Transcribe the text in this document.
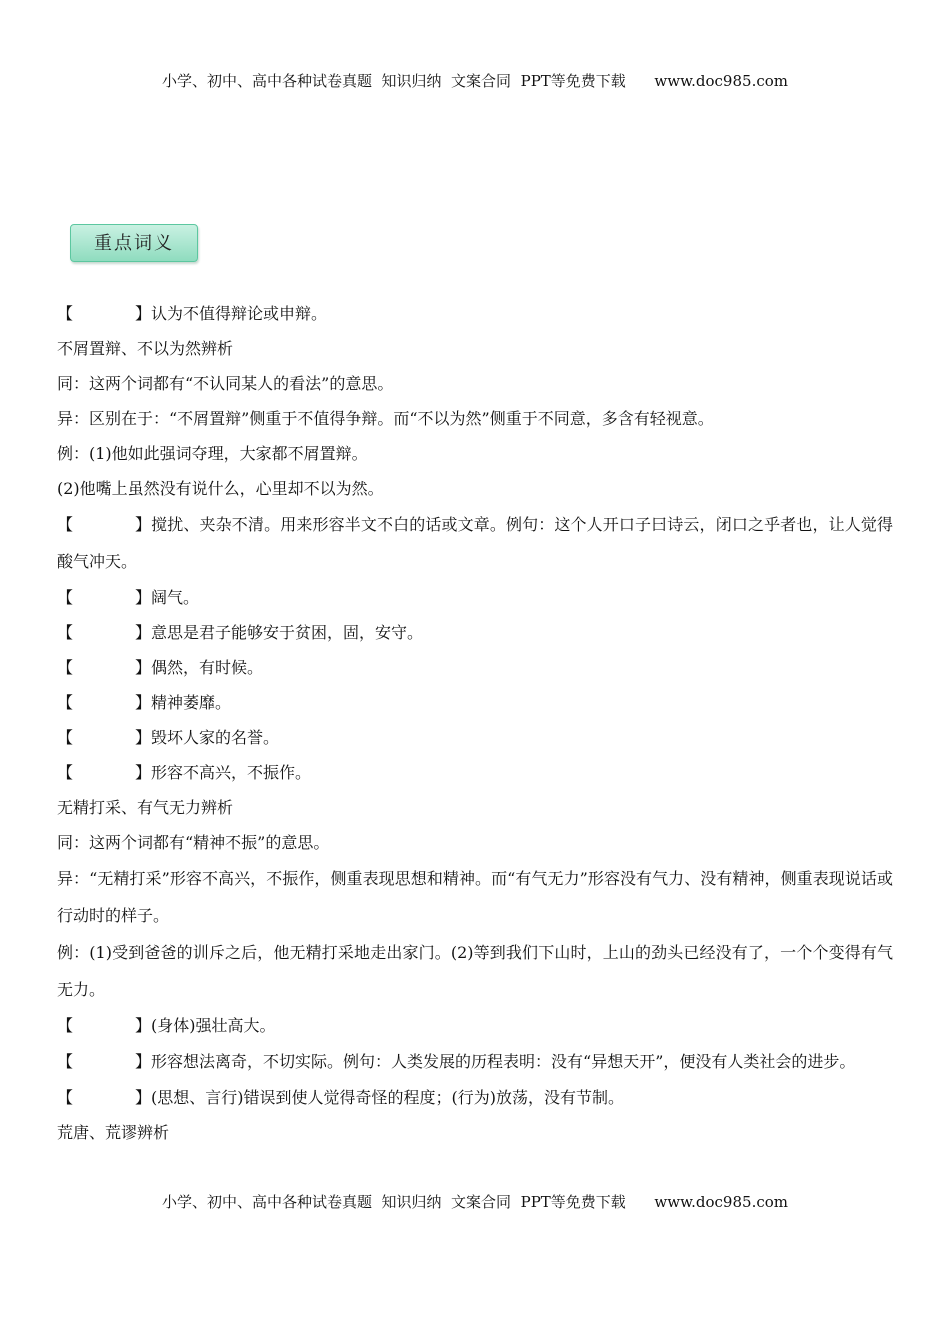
小学、初中、高中各种试卷真题  知识归纳  文案合同  PPT等免费下载      www.doc985.com
重点词义
【	】认为不值得辩论或申辩。
不屑置辩、不以为然辨析
同：这两个词都有“不认同某人的看法”的意思。
异：区别在于：“不屑置辩”侧重于不值得争辩。而“不以为然”侧重于不同意，多含有轻视意。
例：(1)他如此强词夺理，大家都不屑置辩。
(2)他嘴上虽然没有说什么，心里却不以为然。
【	】搅扰、夹杂不清。用来形容半文不白的话或文章。例句：这个人开口子曰诗云，闭口之乎者也，让人觉得酸气冲天。
【	】阔气。
【	】意思是君子能够安于贫困，固，安守。
【	】偶然，有时候。
【	】精神萎靡。
【	】毁坏人家的名誉。
【	】形容不高兴，不振作。
无精打采、有气无力辨析
同：这两个词都有“精神不振”的意思。
异：“无精打采”形容不高兴，不振作，侧重表现思想和精神。而“有气无力”形容没有气力、没有精神，侧重表现说话或行动时的样子。
例：(1)受到爸爸的训斥之后，他无精打采地走出家门。(2)等到我们下山时，上山的劲头已经没有了，一个个变得有气无力。
【	】(身体)强壮高大。
【	】形容想法离奇，不切实际。例句：人类发展的历程表明：没有“异想天开”，便没有人类社会的进步。
【	】(思想、言行)错误到使人觉得奇怪的程度；(行为)放荡，没有节制。
荒唐、荒谬辨析
小学、初中、高中各种试卷真题  知识归纳  文案合同  PPT等免费下载      www.doc985.com
